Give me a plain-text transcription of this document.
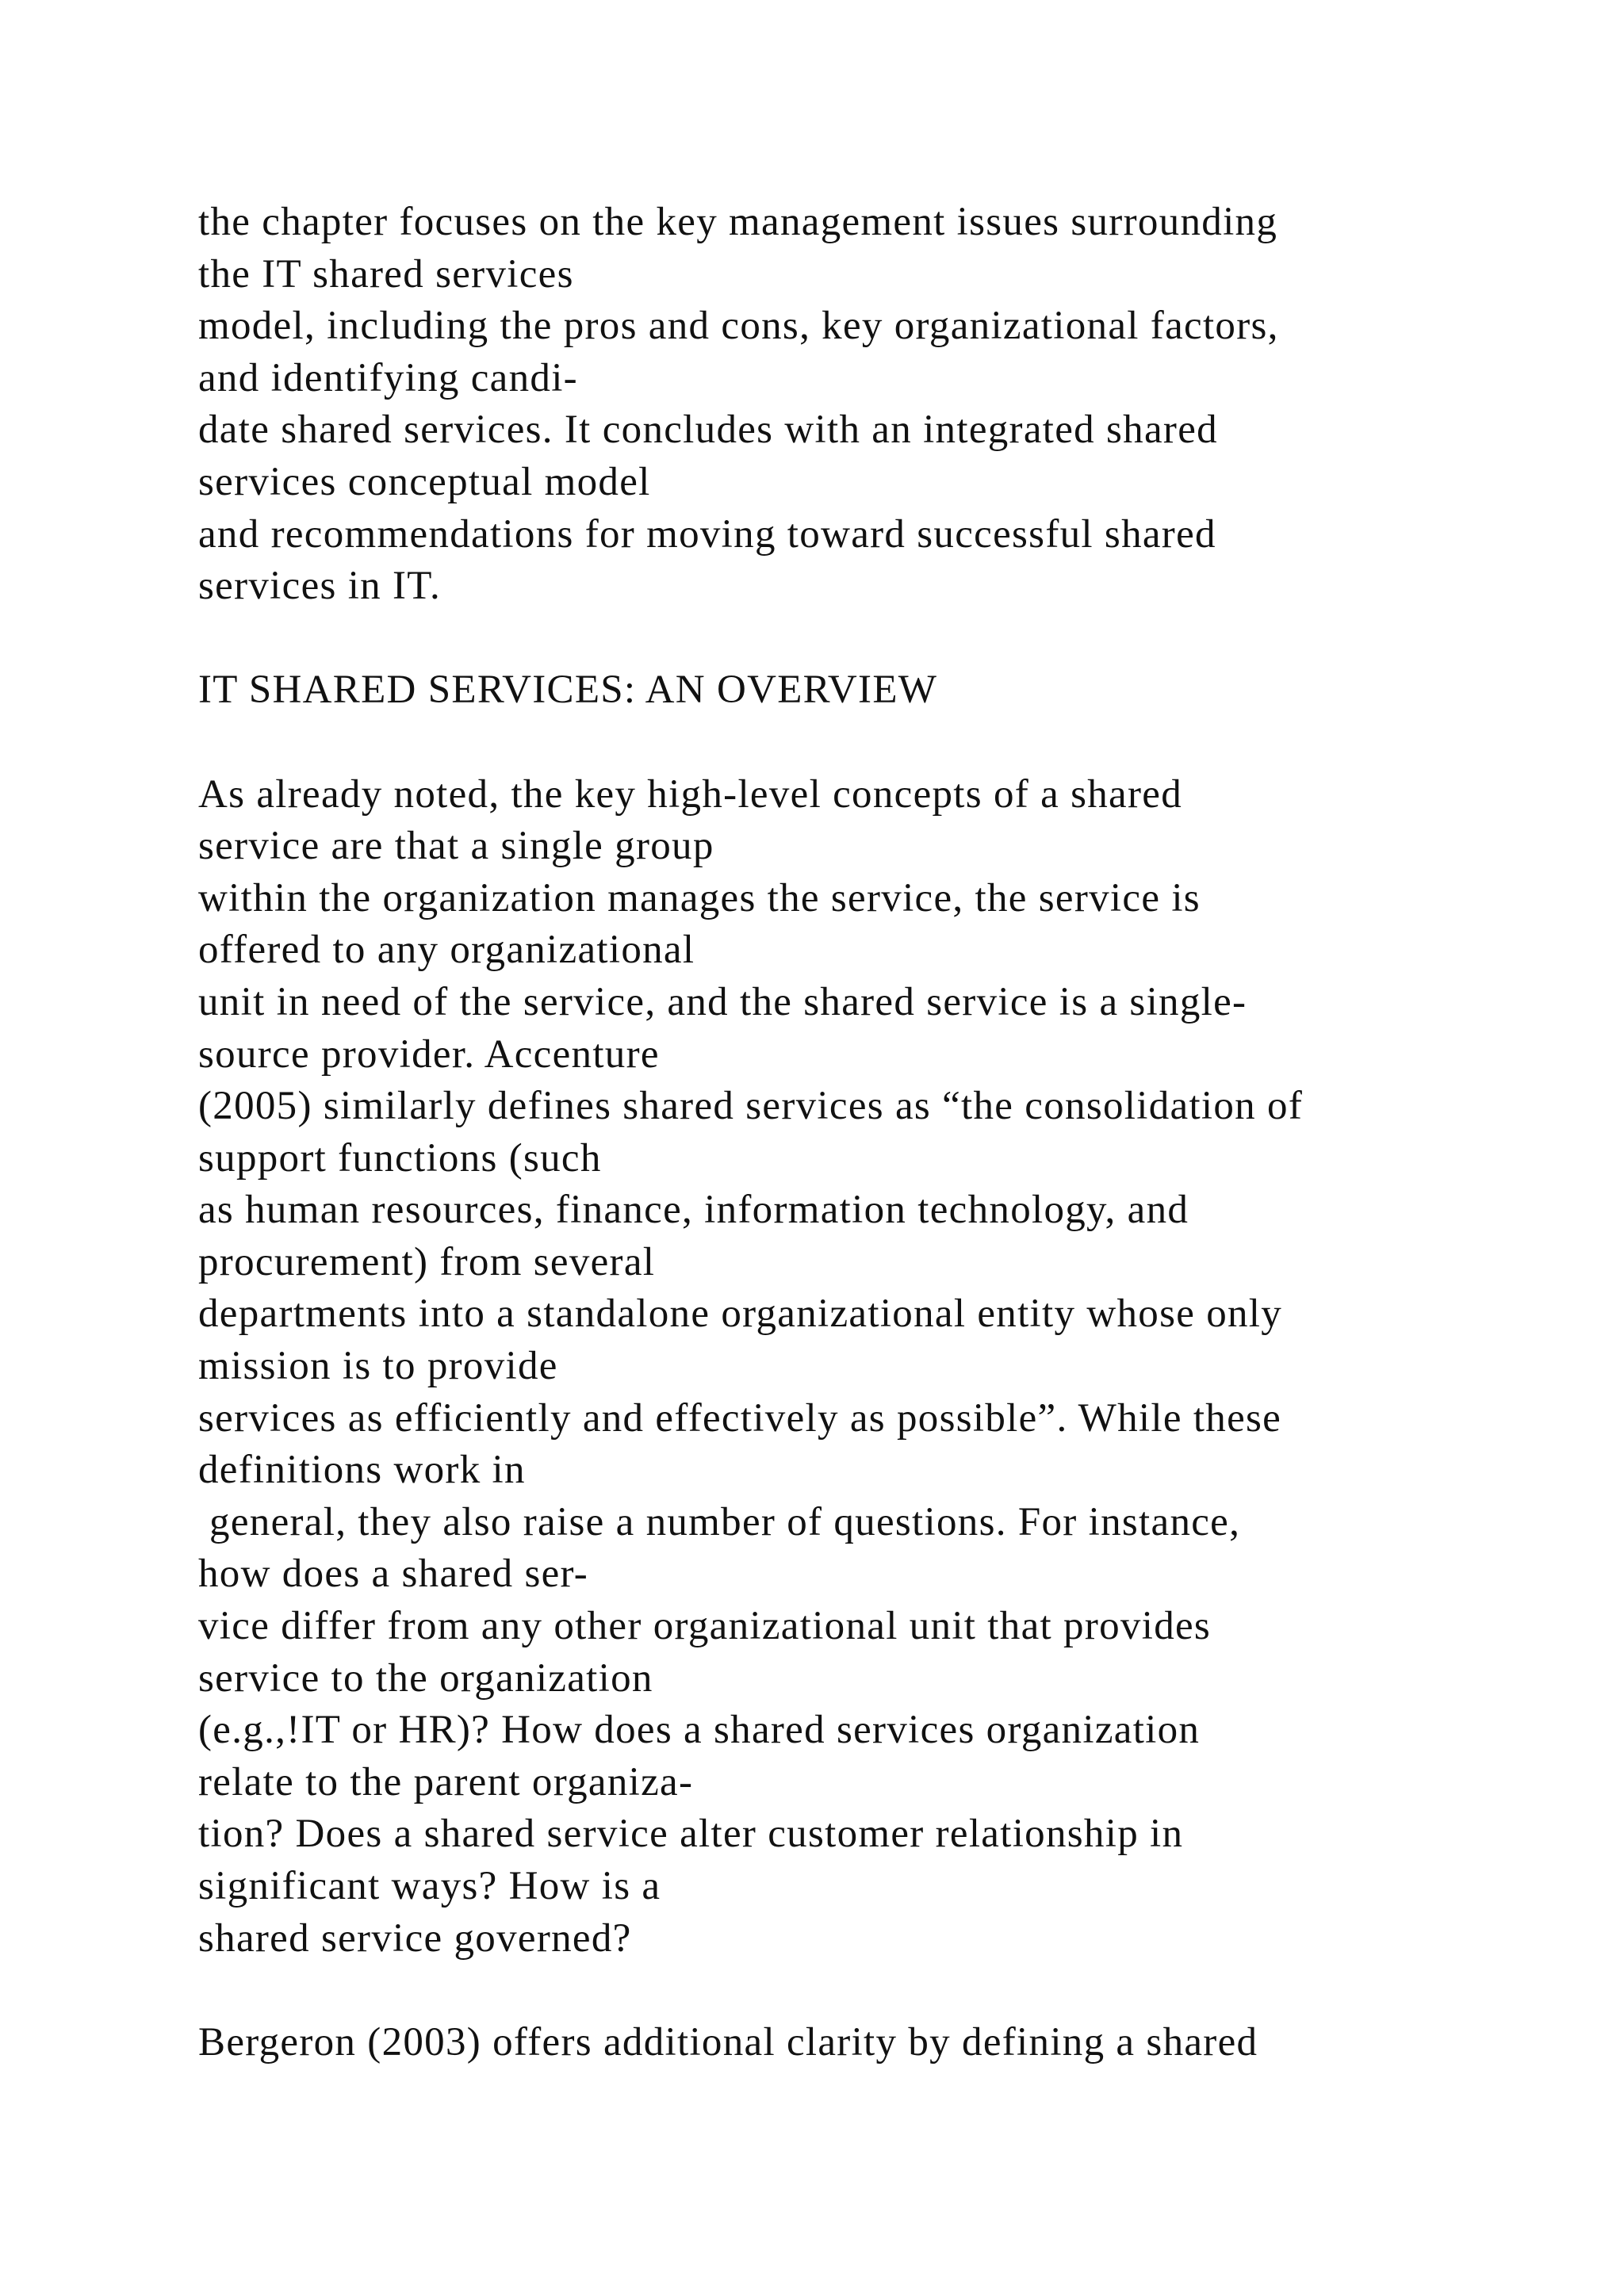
the chapter focuses on the key management issues surrounding
the IT shared services
model, including the pros and cons, key organizational factors,
and identifying candi-
date shared services. It concludes with an integrated shared
services conceptual model
and recommendations for moving toward successful shared
services in IT.
IT SHARED SERVICES: AN OVERVIEW
As already noted, the key high-level concepts of a shared
service are that a single group
within the organization manages the service, the service is
offered to any organizational
unit in need of the service, and the shared service is a single-
source provider. Accenture
(2005) similarly defines shared services as “the consolidation of
support functions (such
as human resources, finance, information technology, and
procurement) from several
departments into a standalone organizational entity whose only
mission is to provide
services as efficiently and effectively as possible”. While these
definitions work in
general, they also raise a number of questions. For instance,
how does a shared ser-
vice differ from any other organizational unit that provides
service to the organization
(e.g.,!IT or HR)? How does a shared services organization
relate to the parent organiza-
tion? Does a shared service alter customer relationship in
significant ways? How is a
shared service governed?
Bergeron (2003) offers additional clarity by defining a shared
